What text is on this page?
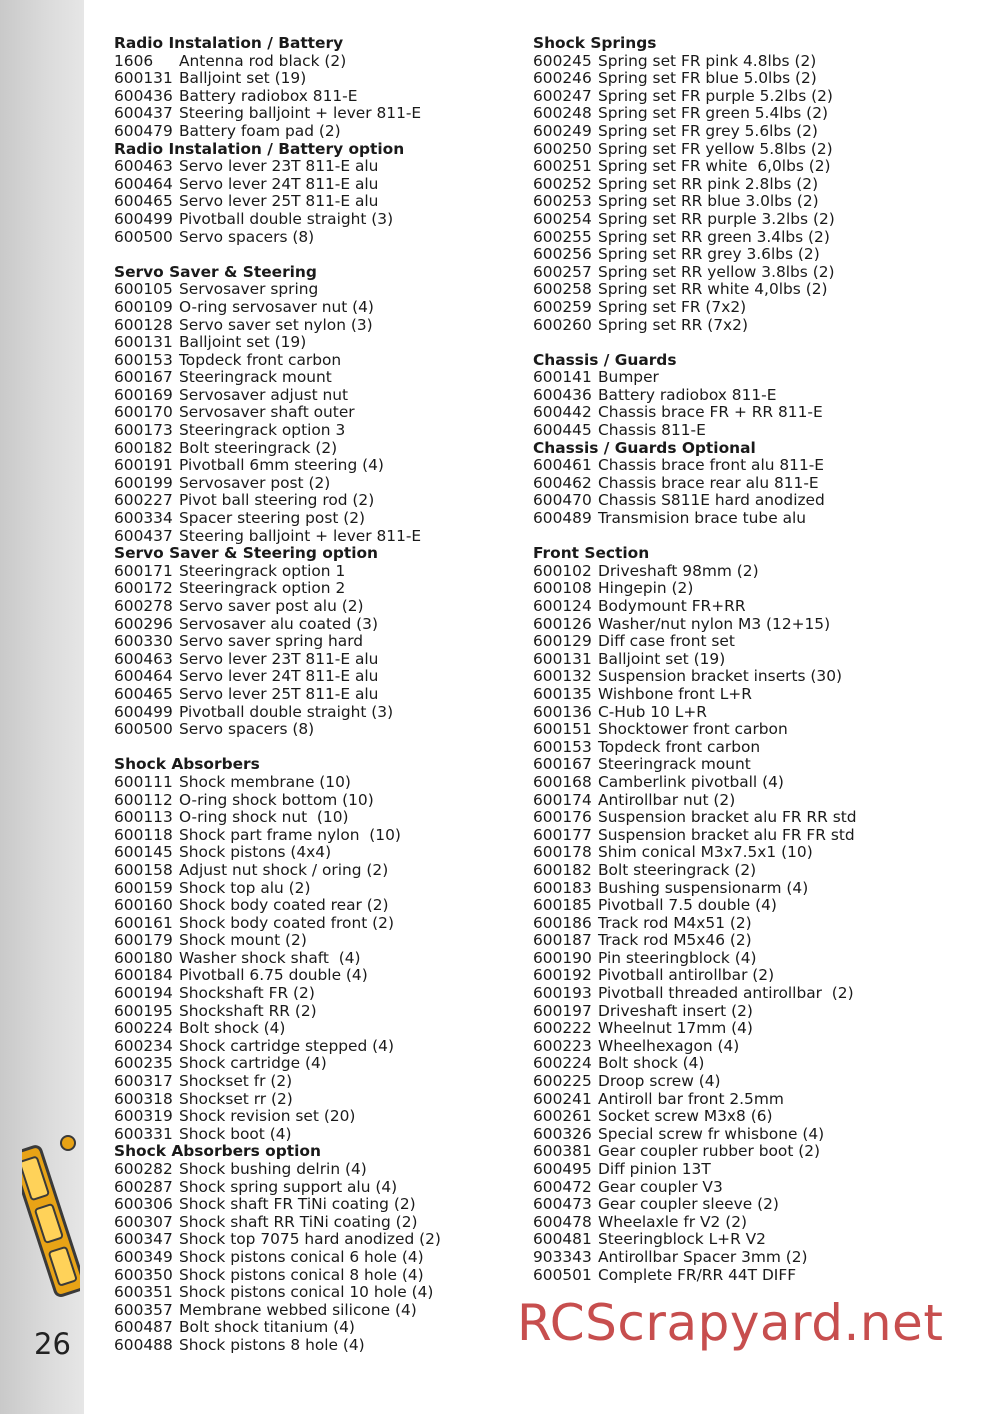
26
Radio Instalation / Battery
1606 Antenna rod black (2)
600131 Balljoint set (19)
600436 Battery radiobox 811-E
600437 Steering balljoint + lever 811-E
600479 Battery foam pad (2)
Radio Instalation / Battery option
600463 Servo lever 23T 811-E alu
600464 Servo lever 24T 811-E alu
600465 Servo lever 25T 811-E alu
600499 Pivotball double straight (3)
600500 Servo spacers (8)
Servo Saver & Steering
600105 Servosaver spring
600109 O-ring servosaver nut (4)
600128 Servo saver set nylon (3)
600131 Balljoint set (19)
600153 Topdeck front carbon
600167 Steeringrack mount
600169 Servosaver adjust nut
600170 Servosaver shaft outer
600173 Steeringrack option 3
600182 Bolt steeringrack (2)
600191 Pivotball 6mm steering (4)
600199 Servosaver post (2)
600227 Pivot ball steering rod (2)
600334 Spacer steering post (2)
600437 Steering balljoint + lever 811-E
Servo Saver & Steering option
600171 Steeringrack option 1
600172 Steeringrack option 2
600278 Servo saver post alu (2)
600296 Servosaver alu coated (3)
600330 Servo saver spring hard
600463 Servo lever 23T 811-E alu
600464 Servo lever 24T 811-E alu
600465 Servo lever 25T 811-E alu
600499 Pivotball double straight (3)
600500 Servo spacers (8)
Shock Absorbers
600111 Shock membrane (10)
600112 O-ring shock bottom (10)
600113 O-ring shock nut  (10)
600118 Shock part frame nylon  (10)
600145 Shock pistons (4x4)
600158 Adjust nut shock / oring (2)
600159 Shock top alu (2)
600160 Shock body coated rear (2)
600161 Shock body coated front (2)
600179 Shock mount (2)
600180 Washer shock shaft  (4)
600184 Pivotball 6.75 double (4)
600194 Shockshaft FR (2)
600195 Shockshaft RR (2)
600224 Bolt shock (4)
600234 Shock cartridge stepped (4)
600235 Shock cartridge (4)
600317 Shockset fr (2)
600318 Shockset rr (2)
600319 Shock revision set (20)
600331 Shock boot (4)
Shock Absorbers option
600282 Shock bushing delrin (4)
600287 Shock spring support alu (4)
600306 Shock shaft FR TiNi coating (2)
600307 Shock shaft RR TiNi coating (2)
600347 Shock top 7075 hard anodized (2)
600349 Shock pistons conical 6 hole (4)
600350 Shock pistons conical 8 hole (4)
600351 Shock pistons conical 10 hole (4)
600357 Membrane webbed silicone (4)
600487 Bolt shock titanium (4)
600488 Shock pistons 8 hole (4)
Shock Springs
600245 Spring set FR pink 4.8lbs (2)
600246 Spring set FR blue 5.0lbs (2)
600247 Spring set FR purple 5.2lbs (2)
600248 Spring set FR green 5.4lbs (2)
600249 Spring set FR grey 5.6lbs (2)
600250 Spring set FR yellow 5.8lbs (2)
600251 Spring set FR white  6,0lbs (2)
600252 Spring set RR pink 2.8lbs (2)
600253 Spring set RR blue 3.0lbs (2)
600254 Spring set RR purple 3.2lbs (2)
600255 Spring set RR green 3.4lbs (2)
600256 Spring set RR grey 3.6lbs (2)
600257 Spring set RR yellow 3.8lbs (2)
600258 Spring set RR white 4,0lbs (2)
600259 Spring set FR (7x2)
600260 Spring set RR (7x2)
Chassis / Guards
600141 Bumper
600436 Battery radiobox 811-E
600442 Chassis brace FR + RR 811-E
600445 Chassis 811-E
Chassis / Guards Optional
600461 Chassis brace front alu 811-E
600462 Chassis brace rear alu 811-E
600470 Chassis S811E hard anodized
600489 Transmision brace tube alu
Front Section
600102 Driveshaft 98mm (2)
600108 Hingepin (2)
600124 Bodymount FR+RR
600126 Washer/nut nylon M3 (12+15)
600129 Diff case front set
600131 Balljoint set (19)
600132 Suspension bracket inserts (30)
600135 Wishbone front L+R
600136 C-Hub 10 L+R
600151 Shocktower front carbon
600153 Topdeck front carbon
600167 Steeringrack mount
600168 Camberlink pivotball (4)
600174 Antirollbar nut (2)
600176 Suspension bracket alu FR RR std
600177 Suspension bracket alu FR FR std
600178 Shim conical M3x7.5x1 (10)
600182 Bolt steeringrack (2)
600183 Bushing suspensionarm (4)
600185 Pivotball 7.5 double (4)
600186 Track rod M4x51 (2)
600187 Track rod M5x46 (2)
600190 Pin steeringblock (4)
600192 Pivotball antirollbar (2)
600193 Pivotball threaded antirollbar  (2)
600197 Driveshaft insert (2)
600222 Wheelnut 17mm (4)
600223 Wheelhexagon (4)
600224 Bolt shock (4)
600225 Droop screw (4)
600241 Antiroll bar front 2.5mm
600261 Socket screw M3x8 (6)
600326 Special screw fr whisbone (4)
600381 Gear coupler rubber boot (2)
600495 Diff pinion 13T
600472 Gear coupler V3
600473 Gear coupler sleeve (2)
600478 Wheelaxle fr V2 (2)
600481 Steeringblock L+R V2
903343 Antirollbar Spacer 3mm (2)
600501 Complete FR/RR 44T DIFF
RCScrapyard.net
